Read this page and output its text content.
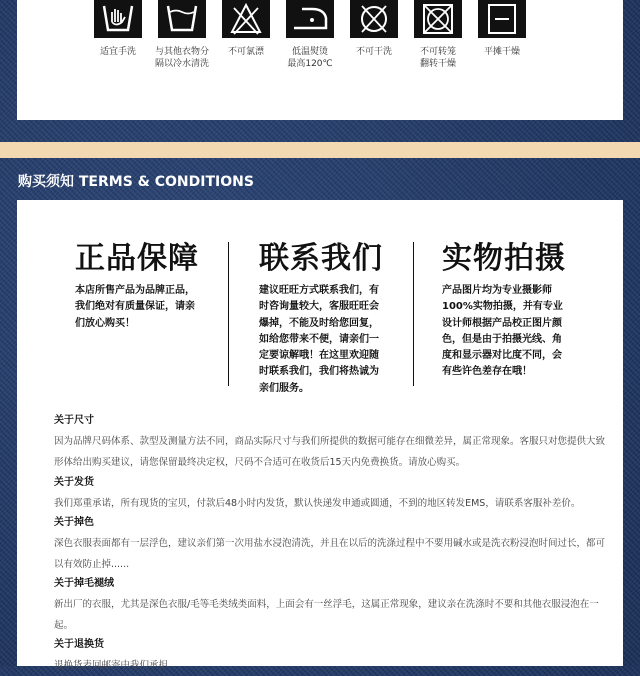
适宜手洗	与其他衣物分
隔以冷水清洗
不可氯漂	低温熨烫
最高120℃
不可干洗	不可转笼
翻转干燥
平摊干燥
购买须知 TERMS & CONDITIONS
正品保障
本店所售产品为品牌正品，
我们绝对有质量保证，请亲
们放心购买！
联系我们
建议旺旺方式联系我们，有
时咨询量较大，客服旺旺会
爆掉，不能及时给您回复，
如给您带来不便，请亲们一
定要谅解哦！在这里欢迎随
时联系我们，我们将热诚为
亲们服务。
实物拍摄
产品图片均为专业摄影师
100%实物拍摄，并有专业
设计师根据产品校正图片颜
色，但是由于拍摄光线、角
度和显示器对比度不同，会
有些许色差存在哦！
关于尺寸
因为品牌尺码体系、款型及测量方法不同，商品实际尺寸与我们所提供的数据可能存在细微差异，属正常现象。客服只对您提供大致形体给出购买建议，请您保留最终决定权，尺码不合适可在收货后15天内免费换货。请放心购买。
关于发货
我们郑重承诺，所有现货的宝贝，付款后48小时内发货，默认快递发申通或圆通，不到的地区转发EMS，请联系客服补差价。
关于掉色
深色衣服表面都有一层浮色，建议亲们第一次用盐水浸泡清洗，并且在以后的洗涤过程中不要用碱水或是洗衣粉浸泡时间过长，都可以有效防止掉......
关于掉毛褪绒
新出厂的衣服，尤其是深色衣服/毛等毛类绒类面料，上面会有一丝浮毛，这属正常现象，建议亲在洗涤时不要和其他衣服浸泡在一起。
关于退换货
退换货表回邮寄中我们承担
